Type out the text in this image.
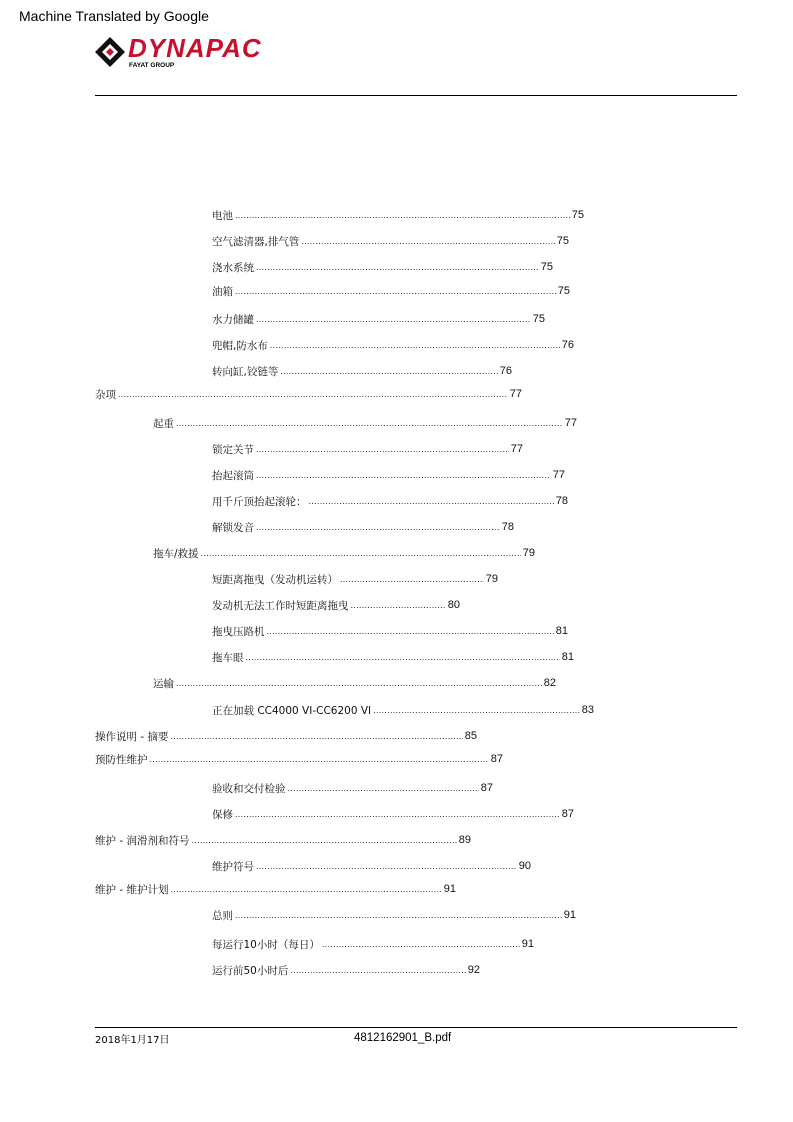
Machine Translated by Google
DYNAPAC
FAYAT GROUP
电池 .....	75
空气滤清器,排气管 .....	75
浇水系统 .....	75
油箱 .....	75
水力储罐 .....	75
兜帽,防水布 .....	76
转向缸,铰链等 .....	76
杂项 .....	77
起重 .....	77
锁定关节 .....	77
抬起滚筒 .....	77
用千斤顶抬起滚轮： .....	78
解锁发音 .....	78
拖车/救援 .....	79
短距离拖曳（发动机运转） .....	79
发动机无法工作时短距离拖曳 .....	80
拖曳压路机 .....	81
拖车眼 .....	81
运输 .....	82
正在加载 CC4000 VI-CC6200 VI .....	83
操作说明 - 摘要 .....	85
预防性维护 .....	87
验收和交付检验 .....	87
保修 .....	87
维护 - 润滑剂和符号 .....	89
维护符号 .....	90
维护 - 维护计划 .....	91
总则 .....	91
每运行10小时（每日） .....	91
运行前50小时后 .....	92
2018年1月17日	4812162901_B.pdf
